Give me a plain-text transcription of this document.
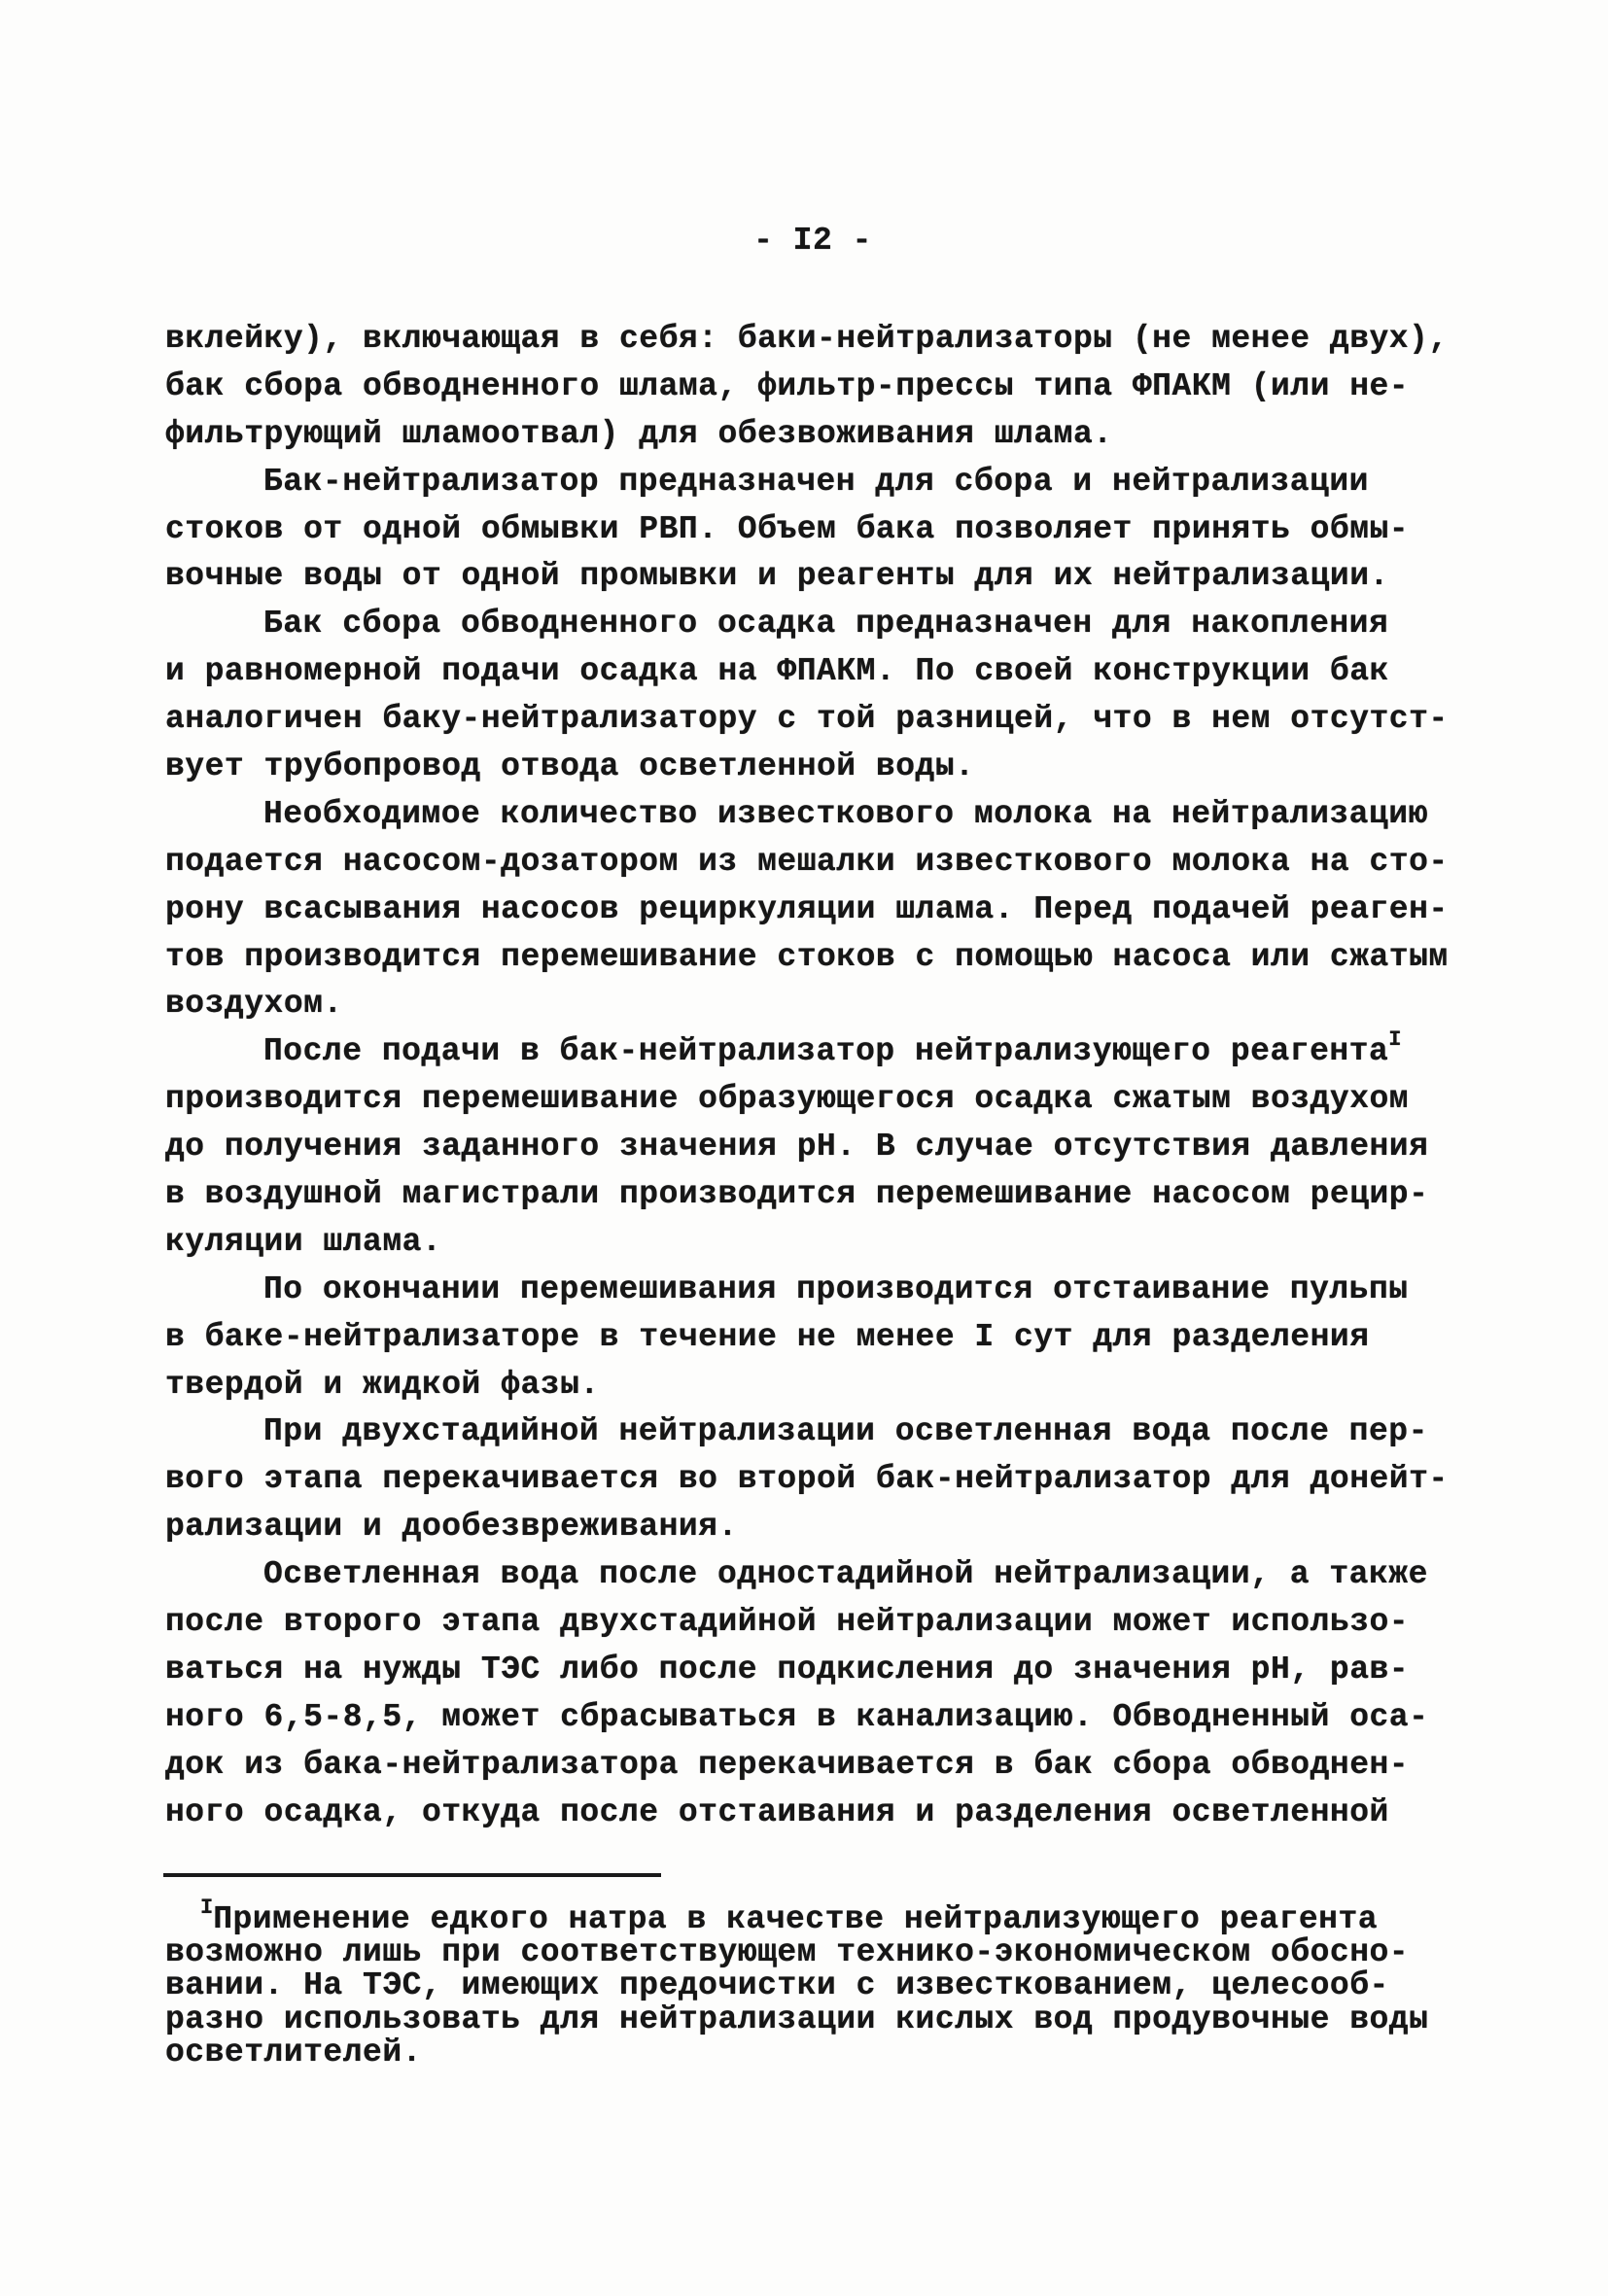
- I2 -
вклейку), включающая в себя: баки-нейтрализаторы (не менее двух),
бак сбора обводненного шлама, фильтр-прессы типа ФПАКМ (или не-
фильтрующий шламоотвал) для обезвоживания шлама.
Бак-нейтрализатор предназначен для сбора и нейтрализации
стоков от одной обмывки РВП. Объем бака позволяет принять обмы-
вочные воды от одной промывки и реагенты для их нейтрализации.
Бак сбора обводненного осадка предназначен для накопления
и равномерной подачи осадка на ФПАКМ. По своей конструкции бак
аналогичен баку-нейтрализатору с той разницей, что в нем отсутст-
вует трубопровод отвода осветленной воды.
Необходимое количество известкового молока на нейтрализацию
подается насосом-дозатором из мешалки известкового молока на сто-
рону всасывания насосов рециркуляции шлама. Перед подачей реаген-
тов производится перемешивание стоков с помощью насоса или сжатым
воздухом.
После подачи в бак-нейтрализатор нейтрализующего реагента$^I$
производится перемешивание образующегося осадка сжатым воздухом
до получения заданного значения рН. В случае отсутствия давления
в воздушной магистрали производится перемешивание насосом рецир-
куляции шлама.
По окончании перемешивания производится отстаивание пульпы
в баке-нейтрализаторе в течение не менее I сут для разделения
твердой и жидкой фазы.
При двухстадийной нейтрализации осветленная вода после пер-
вого этапа перекачивается во второй бак-нейтрализатор для донейт-
рализации и дообезвреживания.
Осветленная вода после одностадийной нейтрализации, а также
после второго этапа двухстадийной нейтрализации может использо-
ваться на нужды ТЭС либо после подкисления до значения рН, рав-
ного 6,5-8,5, может сбрасываться в канализацию. Обводненный оса-
док из бака-нейтрализатора перекачивается в бак сбора обводнен-
ного осадка, откуда после отстаивания и разделения осветленной
$^I$Применение едкого натра в качестве нейтрализующего реагента
возможно лишь при соответствующем технико-экономическом обосно-
вании. На ТЭС, имеющих предочистки с известкованием, целесооб-
разно использовать для нейтрализации кислых вод продувочные воды
осветлителей.
